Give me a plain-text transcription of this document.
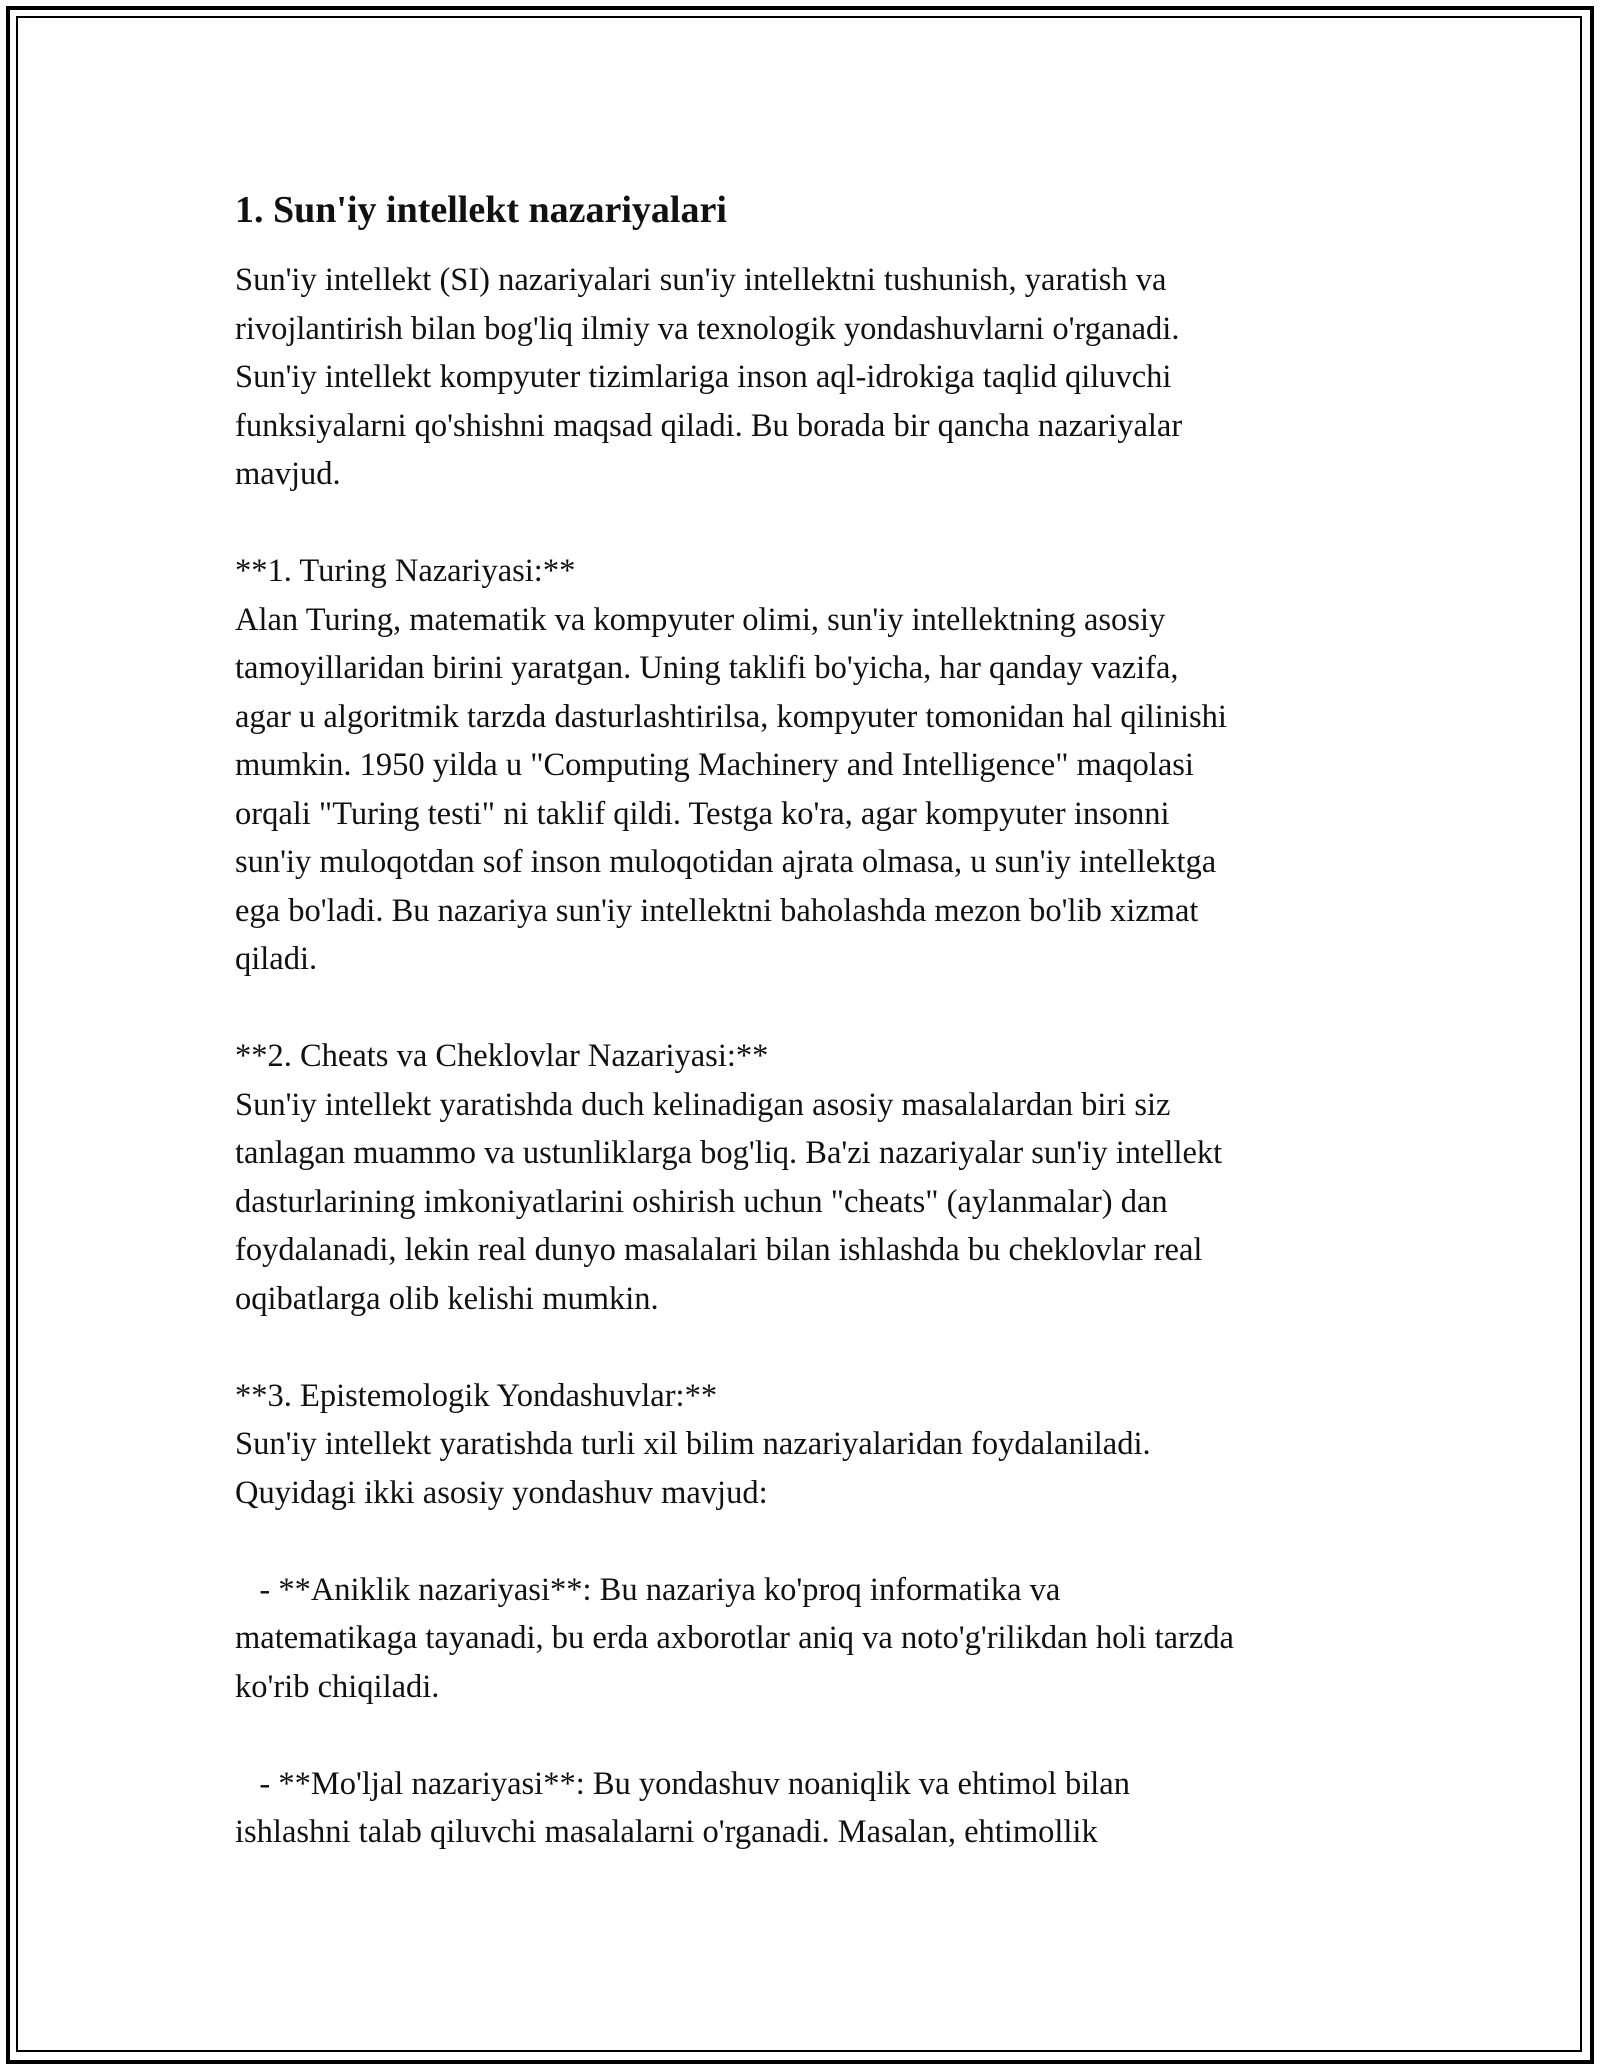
1. Sun'iy intellekt nazariyalari

Sun'iy intellekt (SI) nazariyalari sun'iy intellektni tushunish, yaratish va
rivojlantirish bilan bog'liq ilmiy va texnologik yondashuvlarni o'rganadi.
Sun'iy intellekt kompyuter tizimlariga inson aql-idrokiga taqlid qiluvchi
funksiyalarni qo'shishni maqsad qiladi. Bu borada bir qancha nazariyalar
mavjud.

**1. Turing Nazariyasi:**

Alan Turing, matematik va kompyuter olimi, sun'iy intellektning asosiy
tamoyillaridan birini yaratgan. Uning taklifi bo'yicha, har qanday vazifa,
agar u algoritmik tarzda dasturlashtirilsa, kompyuter tomonidan hal qilinishi
mumkin. 1950 yilda u "Computing Machinery and Intelligence" maqolasi
orqali "Turing testi" ni taklif qildi. Testga ko'ra, agar kompyuter insonni
sun'iy muloqotdan sof inson muloqotidan ajrata olmasa, u sun'iy intellektga
ega bo'ladi. Bu nazariya sun'iy intellektni baholashda mezon bo'lib xizmat
qiladi.

**2. Cheats va Cheklovlar Nazariyasi:**

Sun'iy intellekt yaratishda duch kelinadigan asosiy masalalardan biri siz
tanlagan muammo va ustunliklarga bog'liq. Ba'zi nazariyalar sun'iy intellekt
dasturlarining imkoniyatlarini oshirish uchun "cheats" (aylanmalar) dan
foydalanadi, lekin real dunyo masalalari bilan ishlashda bu cheklovlar real
oqibatlarga olib kelishi mumkin.

**3. Epistemologik Yondashuvlar:**

Sun'iy intellekt yaratishda turli xil bilim nazariyalaridan foydalaniladi.
Quyidagi ikki asosiy yondashuv mavjud:

- **Aniklik nazariyasi**: Bu nazariya ko'proq informatika va
matematikaga tayanadi, bu erda axborotlar aniq va noto'g'rilikdan holi tarzda
ko'rib chiqiladi.

- **Mo'ljal nazariyasi**: Bu yondashuv noaniqlik va ehtimol bilan
ishlashni talab qiluvchi masalalarni o'rganadi. Masalan, ehtimollik
